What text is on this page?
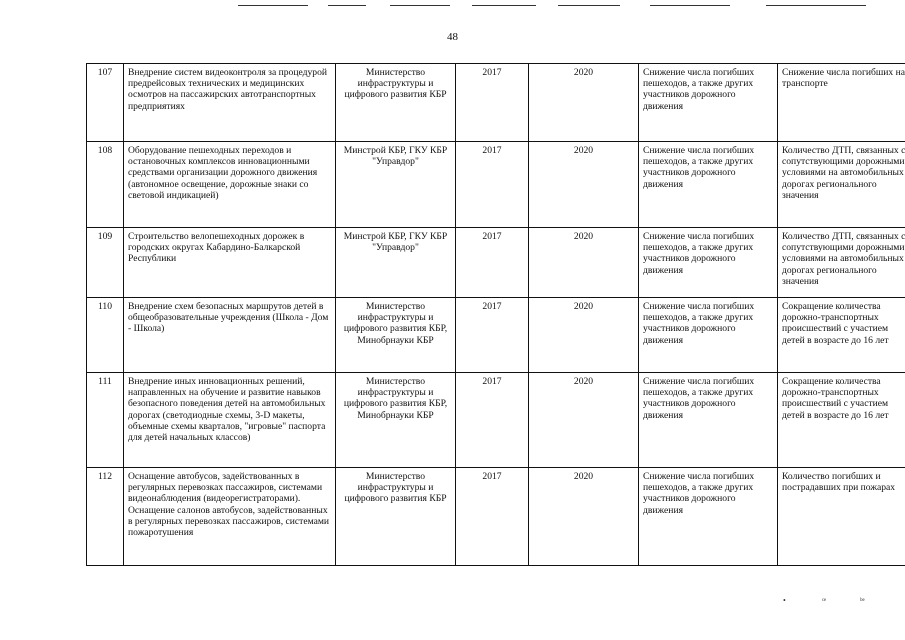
48
107	Внедрение систем видеоконтроля за процедурой предрейсовых технических и медицинских осмотров на пассажирских автотранспортных предприятиях	Министерство инфраструктуры и цифрового развития КБР	2017	2020	Снижение числа погибших пешеходов, а также других участников дорожного движения	Снижение числа погибших на транспорте
108	Оборудование пешеходных переходов и остановочных комплексов инновационными средствами организации дорожного движения (автономное освещение, дорожные знаки со световой индикацией)	Минстрой КБР, ГКУ КБР "Управдор"	2017	2020	Снижение числа погибших пешеходов, а также других участников дорожного движения	Количество ДТП, связанных с сопутствующими дорожными условиями на автомобильных дорогах регионального значения
109	Строительство велопешеходных дорожек в городских округах Кабардино-Балкарской Республики	Минстрой КБР, ГКУ КБР "Управдор"	2017	2020	Снижение числа погибших пешеходов, а также других участников дорожного движения	Количество ДТП, связанных с сопутствующими дорожными условиями на автомобильных дорогах регионального значения
110	Внедрение схем безопасных маршрутов детей в общеобразовательные учреждения (Школа - Дом - Школа)	Министерство инфраструктуры и цифрового развития КБР, Минобрнауки КБР	2017	2020	Снижение числа погибших пешеходов, а также других участников дорожного движения	Сокращение количества дорожно-транспортных происшествий с участием детей в возрасте до 16 лет
111	Внедрение иных инновационных решений, направленных на обучение и развитие навыков безопасного поведения детей на автомобильных дорогах (светодиодные схемы, 3-D макеты, объемные схемы кварталов, "игровые" паспорта для детей начальных классов)	Министерство инфраструктуры и цифрового развития КБР, Минобрнауки КБР	2017	2020	Снижение числа погибших пешеходов, а также других участников дорожного движения	Сокращение количества дорожно-транспортных происшествий с участием детей в возрасте до 16 лет
112	Оснащение автобусов, задействованных в регулярных перевозках пассажиров, системами видеонаблюдения (видеорегистраторами). Оснащение салонов автобусов, задействованных в регулярных перевозках пассажиров, системами пожаротушения	Министерство инфраструктуры и цифрового развития КБР	2017	2020	Снижение числа погибших пешеходов, а также других участников дорожного движения	Количество погибших и пострадавших при пожарах
•	ᶜᵉ	ᵇᵉ
